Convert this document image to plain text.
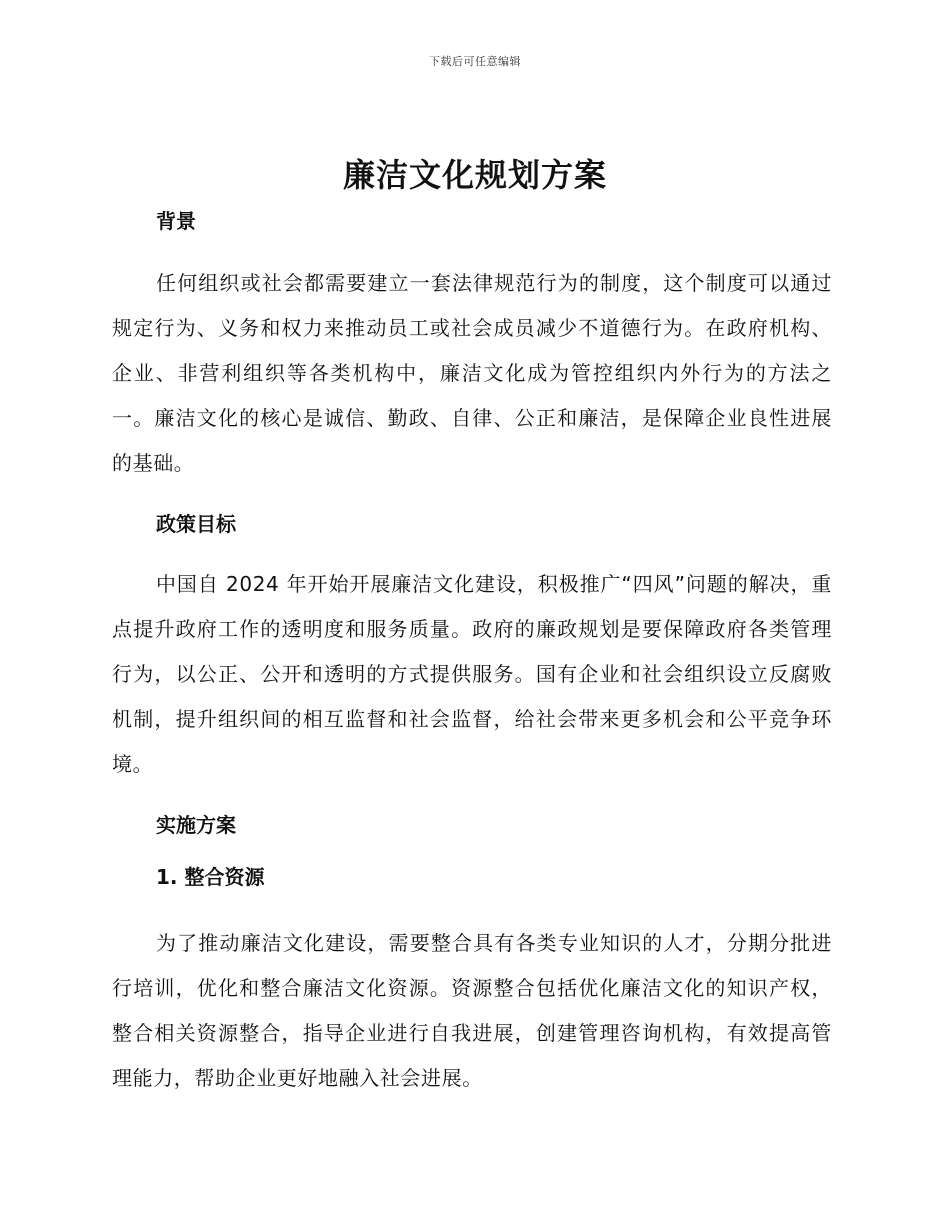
下载后可任意编辑
廉洁文化规划方案
背景

任何组织或社会都需要建立一套法律规范行为的制度，这个制度可以通过规定行为、义务和权力来推动员工或社会成员减少不道德行为。在政府机构、企业、非营利组织等各类机构中，廉洁文化成为管控组织内外行为的方法之一。廉洁文化的核心是诚信、勤政、自律、公正和廉洁，是保障企业良性进展的基础。

政策目标

中国自 2024 年开始开展廉洁文化建设，积极推广“四风”问题的解决，重点提升政府工作的透明度和服务质量。政府的廉政规划是要保障政府各类管理行为，以公正、公开和透明的方式提供服务。国有企业和社会组织设立反腐败机制，提升组织间的相互监督和社会监督，给社会带来更多机会和公平竞争环境。

实施方案
1. 整合资源

为了推动廉洁文化建设，需要整合具有各类专业知识的人才，分期分批进行培训，优化和整合廉洁文化资源。资源整合包括优化廉洁文化的知识产权，整合相关资源整合，指导企业进行自我进展，创建管理咨询机构，有效提高管理能力，帮助企业更好地融入社会进展。
